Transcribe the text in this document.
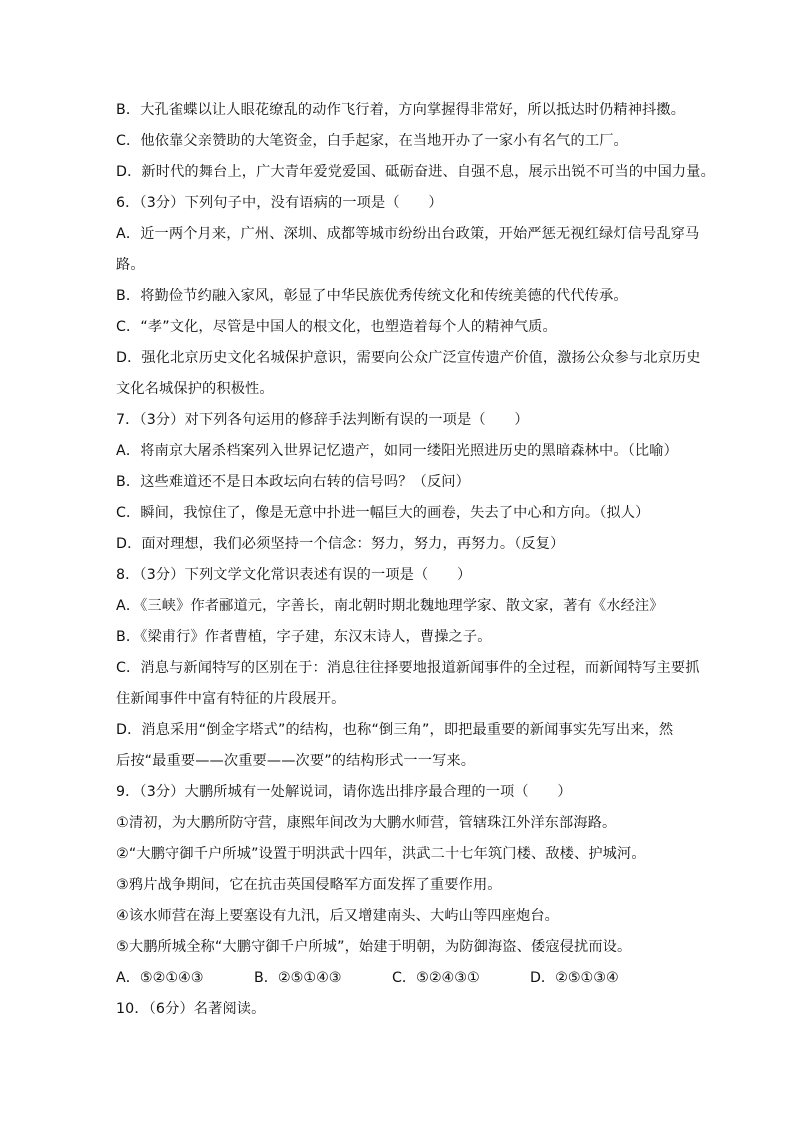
B．大孔雀蝶以让人眼花缭乱的动作飞行着，方向掌握得非常好，所以抵达时仍精神抖擞。
C．他依靠父亲赞助的大笔资金，白手起家，在当地开办了一家小有名气的工厂。
D．新时代的舞台上，广大青年爱党爱国、砥砺奋进、自强不息，展示出锐不可当的中国力量。
6．（3分）下列句子中，没有语病的一项是（　　）
A．近一两个月来，广州、深圳、成都等城市纷纷出台政策，开始严惩无视红绿灯信号乱穿马
路。
B．将勤俭节约融入家风，彰显了中华民族优秀传统文化和传统美德的代代传承。
C．“孝”文化，尽管是中国人的根文化，也塑造着每个人的精神气质。
D．强化北京历史文化名城保护意识，需要向公众广泛宣传遗产价值，激扬公众参与北京历史
文化名城保护的积极性。
7．（3分）对下列各句运用的修辞手法判断有误的一项是（　　）
A．将南京大屠杀档案列入世界记忆遗产，如同一缕阳光照进历史的黑暗森林中。（比喻）
B．这些难道还不是日本政坛向右转的信号吗？（反问）
C．瞬间，我惊住了，像是无意中扑进一幅巨大的画卷，失去了中心和方向。（拟人）
D．面对理想，我们必须坚持一个信念：努力，努力，再努力。（反复）
8．（3分）下列文学文化常识表述有误的一项是（　　）
A．《三峡》作者郦道元，字善长，南北朝时期北魏地理学家、散文家，著有《水经注》
B．《梁甫行》作者曹植，字子建，东汉末诗人，曹操之子。
C．消息与新闻特写的区别在于：消息往往择要地报道新闻事件的全过程，而新闻特写主要抓
住新闻事件中富有特征的片段展开。
D．消息采用“倒金字塔式”的结构，也称“倒三角”，即把最重要的新闻事实先写出来，然
后按“最重要——次重要——次要”的结构形式一一写来。
9．（3分）大鹏所城有一处解说词，请你选出排序最合理的一项（　　）
①清初，为大鹏所防守营，康熙年间改为大鹏水师营，管辖珠江外洋东部海路。
②“大鹏守御千户所城”设置于明洪武十四年，洪武二十七年筑门楼、敌楼、护城河。
③鸦片战争期间，它在抗击英国侵略军方面发挥了重要作用。
④该水师营在海上要塞设有九汛，后又增建南头、大屿山等四座炮台。
⑤大鹏所城全称“大鹏守御千户所城”，始建于明朝，为防御海盗、倭寇侵扰而设。
A．⑤②①④③	B．②⑤①④③	C．⑤②④③①	D．②⑤①③④
10．（6分）名著阅读。
